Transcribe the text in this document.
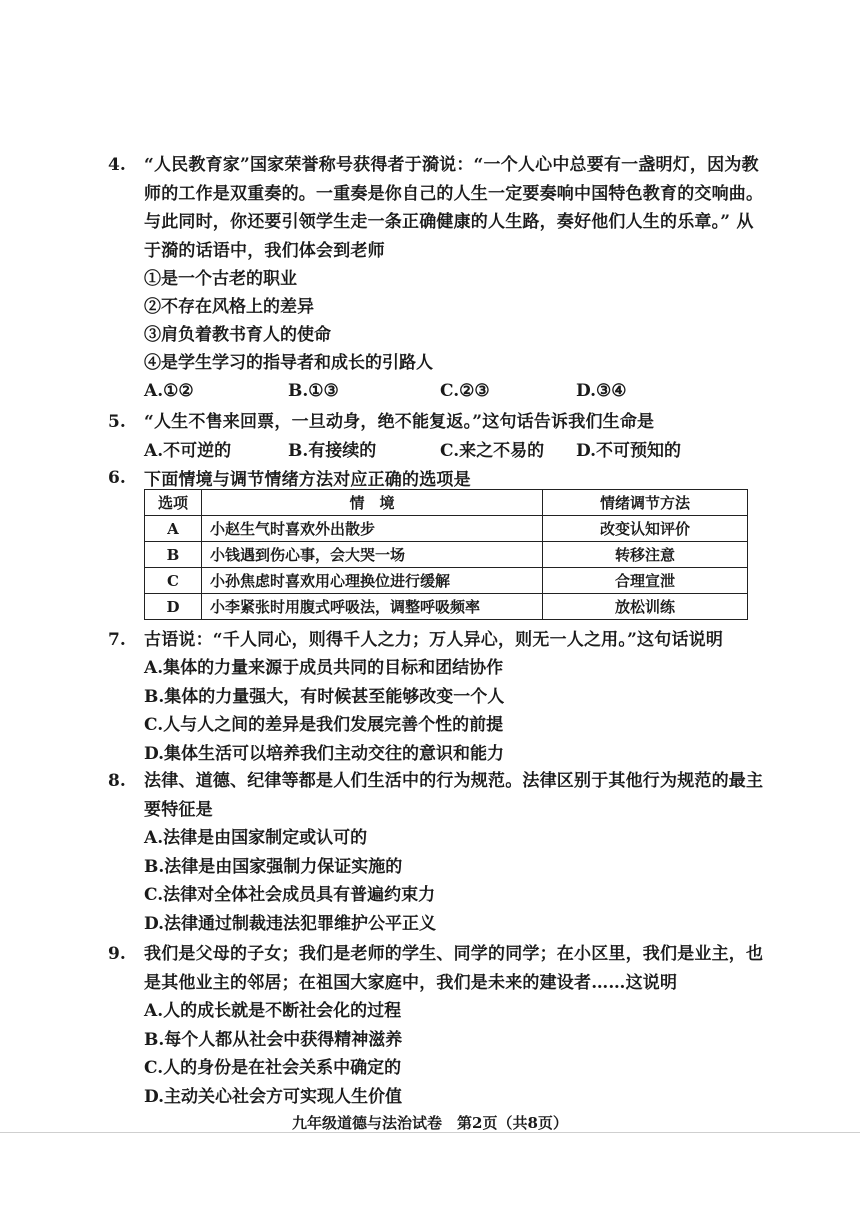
4. “人民教育家”国家荣誉称号获得者于漪说：“一个人心中总要有一盏明灯，因为教师的工作是双重奏的。一重奏是你自己的人生一定要奏响中国特色教育的交响曲。与此同时，你还要引领学生走一条正确健康的人生路，奏好他们人生的乐章。” 从于漪的话语中，我们体会到老师
①是一个古老的职业
②不存在风格上的差异
③肩负着教书育人的使命
④是学生学习的指导者和成长的引路人
A.①②	B.①③	C.②③	D.③④
5. “人生不售来回票，一旦动身，绝不能复返。”这句话告诉我们生命是
A.不可逆的	B.有接续的	C.来之不易的 D.不可预知的
6. 下面情境与调节情绪方法对应正确的选项是
选项	情　境	情绪调节方法
A	小赵生气时喜欢外出散步	改变认知评价
B	小钱遇到伤心事，会大哭一场	转移注意
C	小孙焦虑时喜欢用心理换位进行缓解	合理宣泄
D	小李紧张时用腹式呼吸法，调整呼吸频率	放松训练
7. 古语说：“千人同心，则得千人之力；万人异心，则无一人之用。”这句话说明
A.集体的力量来源于成员共同的目标和团结协作
B.集体的力量强大，有时候甚至能够改变一个人
C.人与人之间的差异是我们发展完善个性的前提
D.集体生活可以培养我们主动交往的意识和能力
8. 法律、道德、纪律等都是人们生活中的行为规范。法律区别于其他行为规范的最主要特征是
A.法律是由国家制定或认可的
B.法律是由国家强制力保证实施的
C.法律对全体社会成员具有普遍约束力
D.法律通过制裁违法犯罪维护公平正义
9. 我们是父母的子女；我们是老师的学生、同学的同学；在小区里，我们是业主，也是其他业主的邻居；在祖国大家庭中，我们是未来的建设者……这说明
A.人的成长就是不断社会化的过程
B.每个人都从社会中获得精神滋养
C.人的身份是在社会关系中确定的
D.主动关心社会方可实现人生价值
九年级道德与法治试卷　第2页（共8页）
